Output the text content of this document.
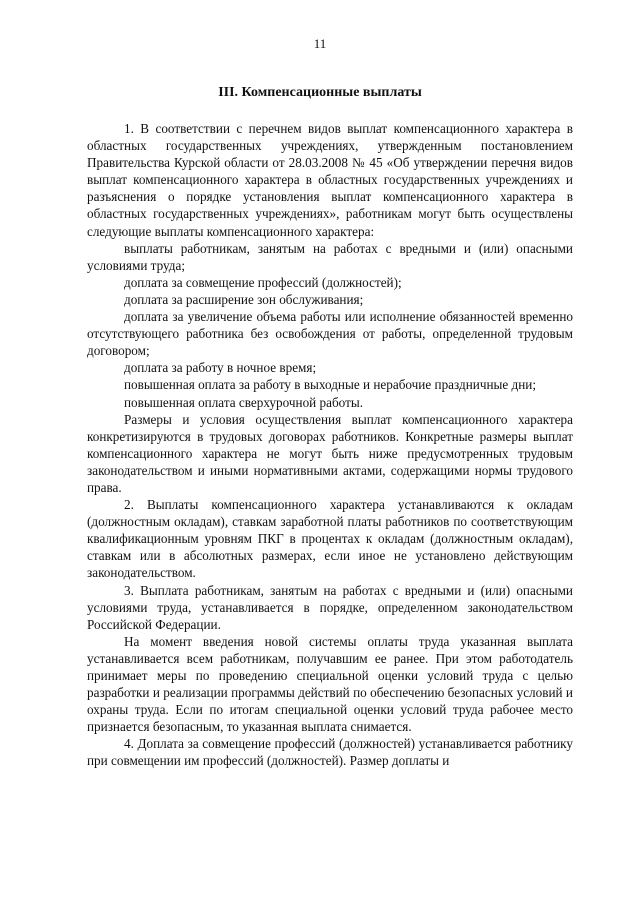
11
III. Компенсационные выплаты

1. В соответствии с перечнем видов выплат компенсационного характера в областных государственных учреждениях, утвержденным постановлением Правительства Курской области от 28.03.2008 № 45 «Об утверждении перечня видов выплат компенсационного характера в областных государственных учреждениях и разъяснения о порядке установления выплат компенсационного характера в областных государственных учреждениях», работникам могут быть осуществлены следующие выплаты компенсационного характера:

выплаты работникам, занятым на работах с вредными и (или) опасными условиями труда;

доплата за совмещение профессий (должностей);

доплата за расширение зон обслуживания;

доплата за увеличение объема работы или исполнение обязанностей временно отсутствующего работника без освобождения от работы, определенной трудовым договором;

доплата за работу в ночное время;

повышенная оплата за работу в выходные и нерабочие праздничные дни;

повышенная оплата сверхурочной работы.

Размеры и условия осуществления выплат компенсационного характера конкретизируются в трудовых договорах работников. Конкретные размеры выплат компенсационного характера не могут быть ниже предусмотренных трудовым законодательством и иными нормативными актами, содержащими нормы трудового права.

2. Выплаты компенсационного характера устанавливаются к окладам (должностным окладам), ставкам заработной платы работников по соответствующим квалификационным уровням ПКГ в процентах к окладам (должностным окладам), ставкам или в абсолютных размерах, если иное не установлено действующим законодательством.

3. Выплата работникам, занятым на работах с вредными и (или) опасными условиями труда, устанавливается в порядке, определенном законодательством Российской Федерации.

На момент введения новой системы оплаты труда указанная выплата устанавливается всем работникам, получавшим ее ранее. При этом работодатель принимает меры по проведению специальной оценки условий труда с целью разработки и реализации программы действий по обеспечению безопасных условий и охраны труда. Если по итогам специальной оценки условий труда рабочее место признается безопасным, то указанная выплата снимается.

4. Доплата за совмещение профессий (должностей) устанавливается работнику при совмещении им профессий (должностей). Размер доплаты и
